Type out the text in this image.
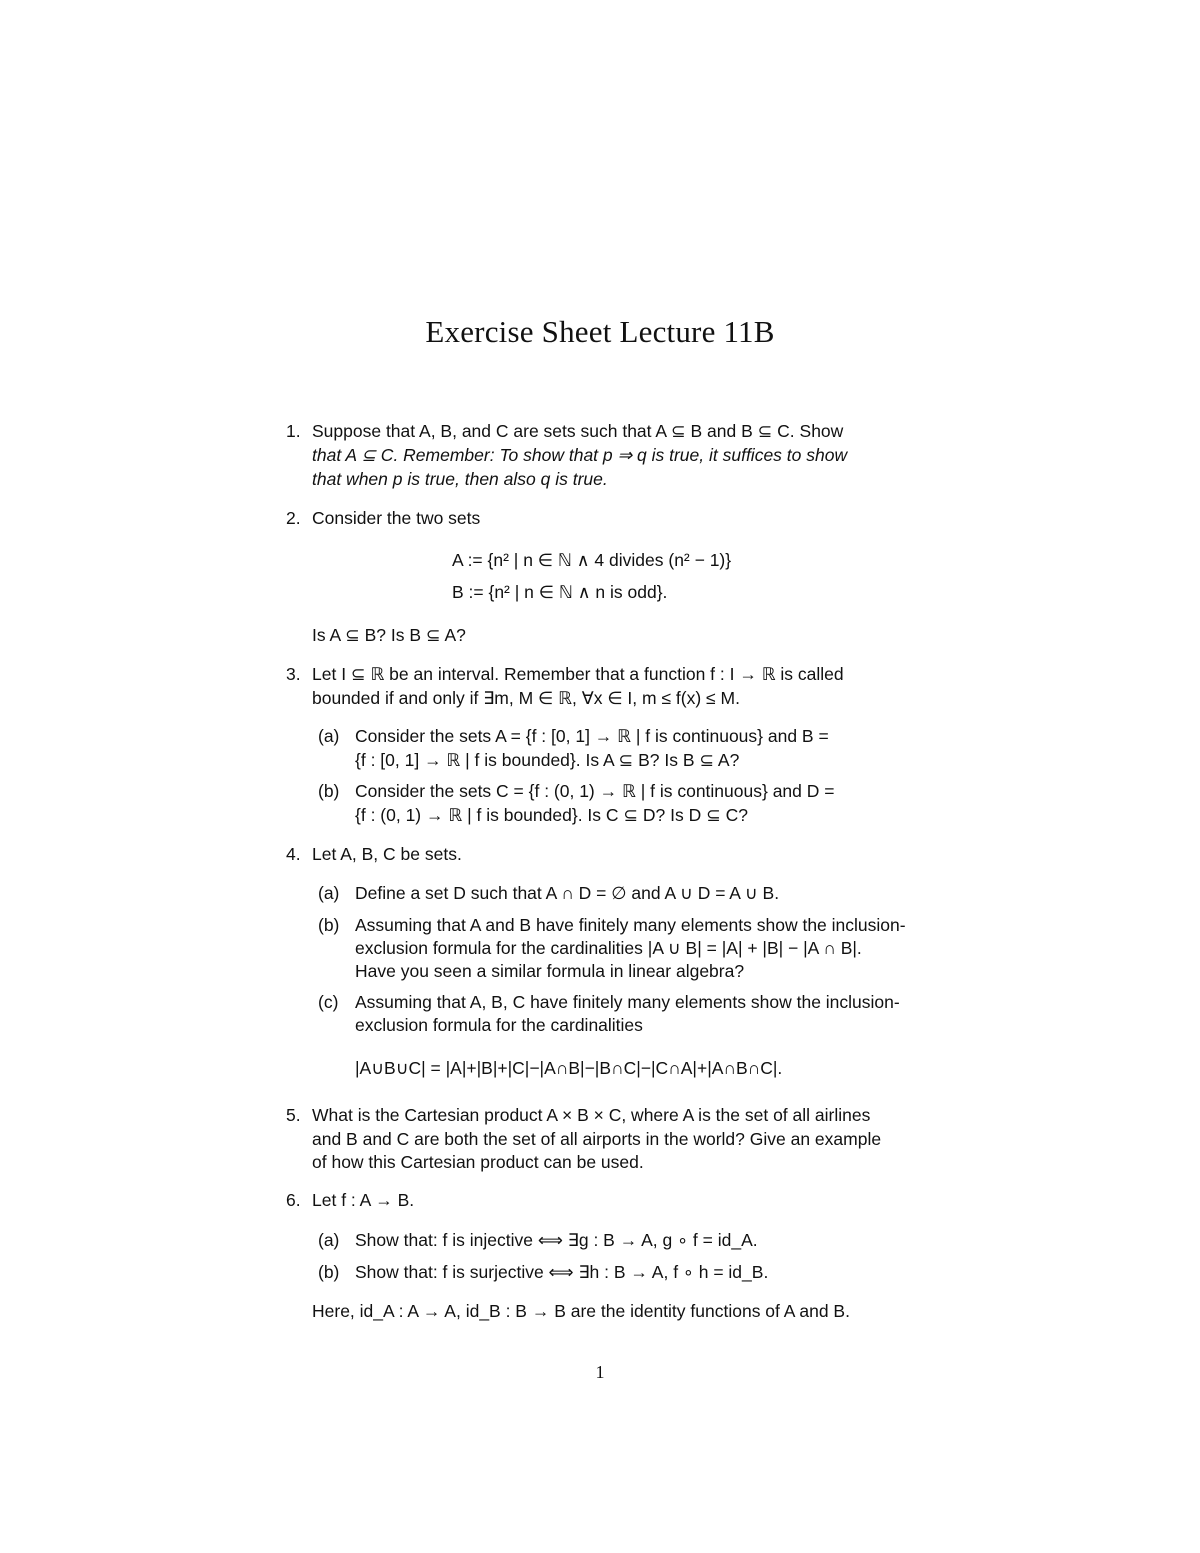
Exercise Sheet Lecture 11B
1. Suppose that A, B, and C are sets such that A ⊆ B and B ⊆ C. Show
that A ⊆ C. Remember: To show that p ⇒ q is true, it suffices to show
that when p is true, then also q is true.
2. Consider the two sets
A := {n² | n ∈ ℕ ∧ 4 divides (n² − 1)}
B := {n² | n ∈ ℕ ∧ n is odd}.
Is A ⊆ B? Is B ⊆ A?
3. Let I ⊆ ℝ be an interval. Remember that a function f : I → ℝ is called
bounded if and only if ∃m, M ∈ ℝ, ∀x ∈ I, m ≤ f(x) ≤ M.
(a) Consider the sets A = {f : [0, 1] → ℝ | f is continuous} and B =
{f : [0, 1] → ℝ | f is bounded}. Is A ⊆ B? Is B ⊆ A?
(b) Consider the sets C = {f : (0, 1) → ℝ | f is continuous} and D =
{f : (0, 1) → ℝ | f is bounded}. Is C ⊆ D? Is D ⊆ C?
4. Let A, B, C be sets.
(a) Define a set D such that A ∩ D = ∅ and A ∪ D = A ∪ B.
(b) Assuming that A and B have finitely many elements show the inclusion-
exclusion formula for the cardinalities |A ∪ B| = |A| + |B| − |A ∩ B|.
Have you seen a similar formula in linear algebra?
(c) Assuming that A, B, C have finitely many elements show the inclusion-
exclusion formula for the cardinalities
|A∪B∪C| = |A|+|B|+|C|−|A∩B|−|B∩C|−|C∩A|+|A∩B∩C|.
5. What is the Cartesian product A × B × C, where A is the set of all airlines
and B and C are both the set of all airports in the world? Give an example
of how this Cartesian product can be used.
6. Let f : A → B.
(a) Show that: f is injective ⟺ ∃g : B → A, g ∘ f = id_A.
(b) Show that: f is surjective ⟺ ∃h : B → A, f ∘ h = id_B.
Here, id_A : A → A, id_B : B → B are the identity functions of A and B.
1
